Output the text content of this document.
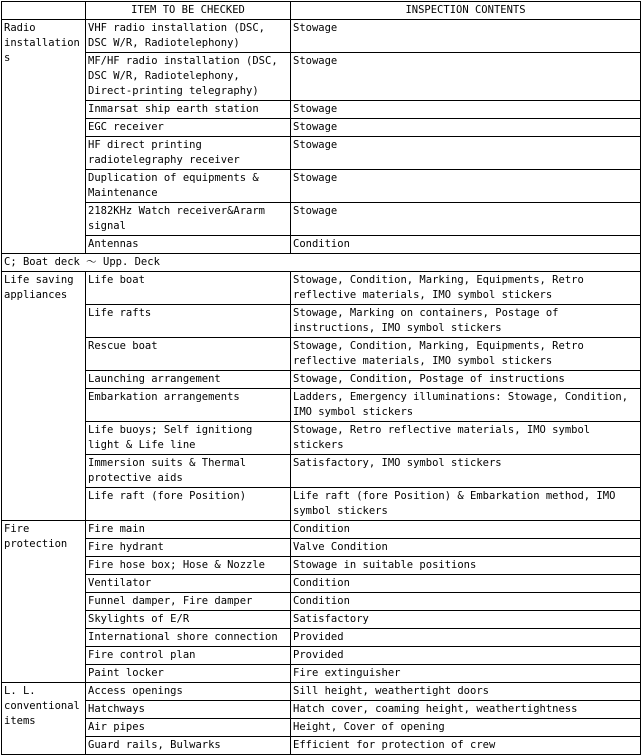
	ITEM TO BE CHECKED	INSPECTION CONTENTS
Radio installations	VHF radio installation (DSC, DSC W/R, Radiotelephony)	Stowage
	MF/HF radio installation (DSC, DSC W/R, Radiotelephony, Direct-printing telegraphy)	Stowage
	Inmarsat ship earth station	Stowage
	EGC receiver	Stowage
	HF direct printing radiotelegraphy receiver	Stowage
	Duplication of equipments & Maintenance	Stowage
	2182KHz Watch receiver&Ararm signal	Stowage
	Antennas	Condition
C; Boat deck ～ Upp. Deck		
Life saving appliances	Life boat	Stowage, Condition, Marking, Equipments, Retro reflective materials, IMO symbol stickers
	Life rafts	Stowage, Marking on containers, Postage of instructions, IMO symbol stickers
	Rescue boat	Stowage, Condition, Marking, Equipments, Retro reflective materials, IMO symbol stickers
	Launching arrangement	Stowage, Condition, Postage of instructions
	Embarkation arrangements	Ladders, Emergency illuminations: Stowage, Condition, IMO symbol stickers
	Life buoys; Self ignitiong light & Life line	Stowage, Retro reflective materials, IMO symbol stickers
	Immersion suits & Thermal protective aids	Satisfactory, IMO symbol stickers
	Life raft (fore Position)	Life raft (fore Position) & Embarkation method, IMO symbol stickers
Fire protection	Fire main	Condition
	Fire hydrant	Valve Condition
	Fire hose box; Hose & Nozzle	Stowage in suitable positions
	Ventilator	Condition
	Funnel damper, Fire damper	Condition
	Skylights of E/R	Satisfactory
	International shore connection	Provided
	Fire control plan	Provided
	Paint locker	Fire extinguisher
L. L. conventional items	Access openings	Sill height, weathertight doors
	Hatchways	Hatch cover, coaming height, weathertightness
	Air pipes	Height, Cover of opening
	Guard rails, Bulwarks	Efficient for protection of crew
